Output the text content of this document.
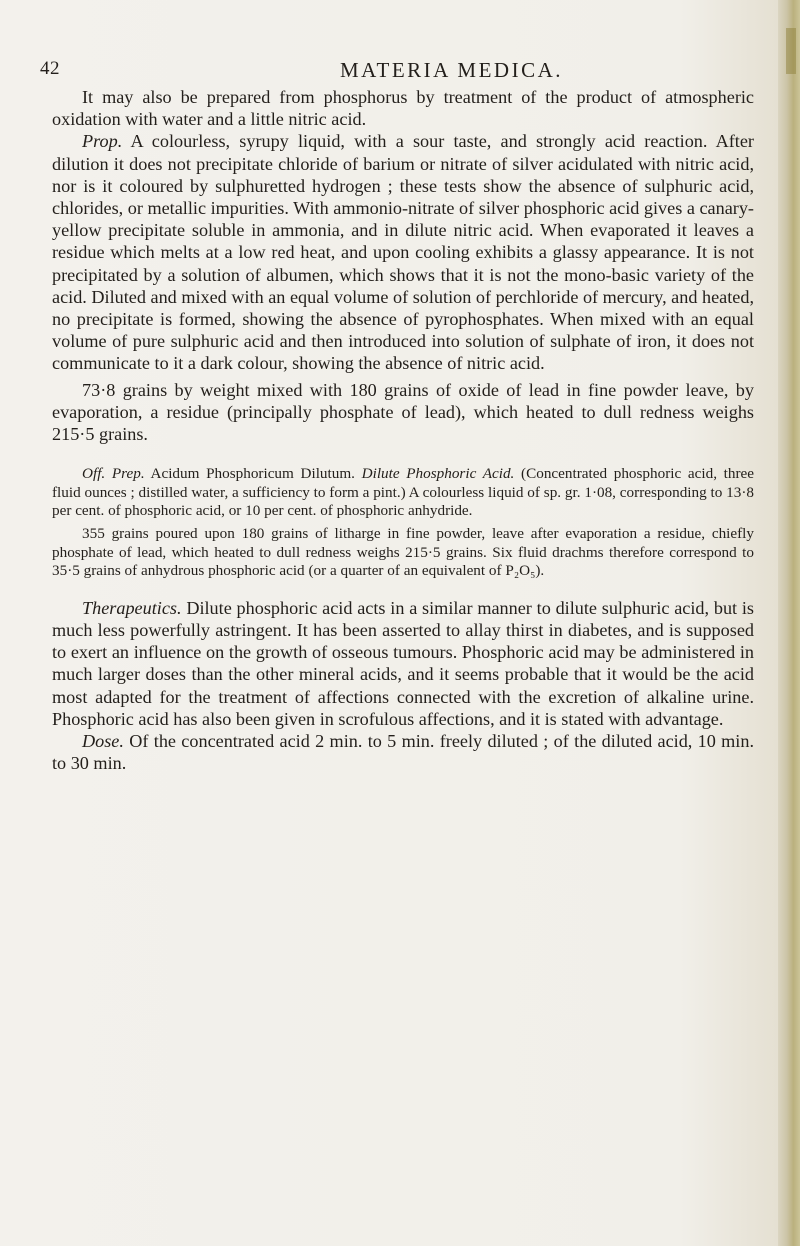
42	MATERIA MEDICA.

It may also be prepared from phosphorus by treatment of the product of atmospheric oxidation with water and a little nitric acid.

Prop. A colourless, syrupy liquid, with a sour taste, and strongly acid reaction. After dilution it does not precipitate chloride of barium or nitrate of silver acidulated with nitric acid, nor is it coloured by sulphuretted hydrogen ; these tests show the absence of sulphuric acid, chlorides, or metallic impurities. With ammonio-nitrate of silver phosphoric acid gives a canary-yellow precipitate soluble in ammonia, and in dilute nitric acid. When evaporated it leaves a residue which melts at a low red heat, and upon cooling exhibits a glassy appearance. It is not precipitated by a solution of albumen, which shows that it is not the mono-basic variety of the acid. Diluted and mixed with an equal volume of solution of perchloride of mercury, and heated, no precipitate is formed, showing the absence of pyrophosphates. When mixed with an equal volume of pure sulphuric acid and then introduced into solution of sulphate of iron, it does not communicate to it a dark colour, showing the absence of nitric acid.

73·8 grains by weight mixed with 180 grains of oxide of lead in fine powder leave, by evaporation, a residue (principally phosphate of lead), which heated to dull redness weighs 215·5 grains.

Off. Prep. Acidum Phosphoricum Dilutum. Dilute Phosphoric Acid. (Concentrated phosphoric acid, three fluid ounces ; distilled water, a sufficiency to form a pint.) A colourless liquid of sp. gr. 1·08, corresponding to 13·8 per cent. of phosphoric acid, or 10 per cent. of phosphoric anhydride.

355 grains poured upon 180 grains of litharge in fine powder, leave after evaporation a residue, chiefly phosphate of lead, which heated to dull redness weighs 215·5 grains. Six fluid drachms therefore correspond to 35·5 grains of anhydrous phosphoric acid (or a quarter of an equivalent of P₂O₅).

Therapeutics. Dilute phosphoric acid acts in a similar manner to dilute sulphuric acid, but is much less powerfully astringent. It has been asserted to allay thirst in diabetes, and is supposed to exert an influence on the growth of osseous tumours. Phosphoric acid may be administered in much larger doses than the other mineral acids, and it seems probable that it would be the acid most adapted for the treatment of affections connected with the excretion of alkaline urine. Phosphoric acid has also been given in scrofulous affections, and it is stated with advantage.

Dose. Of the concentrated acid 2 min. to 5 min. freely diluted ; of the diluted acid, 10 min. to 30 min.
